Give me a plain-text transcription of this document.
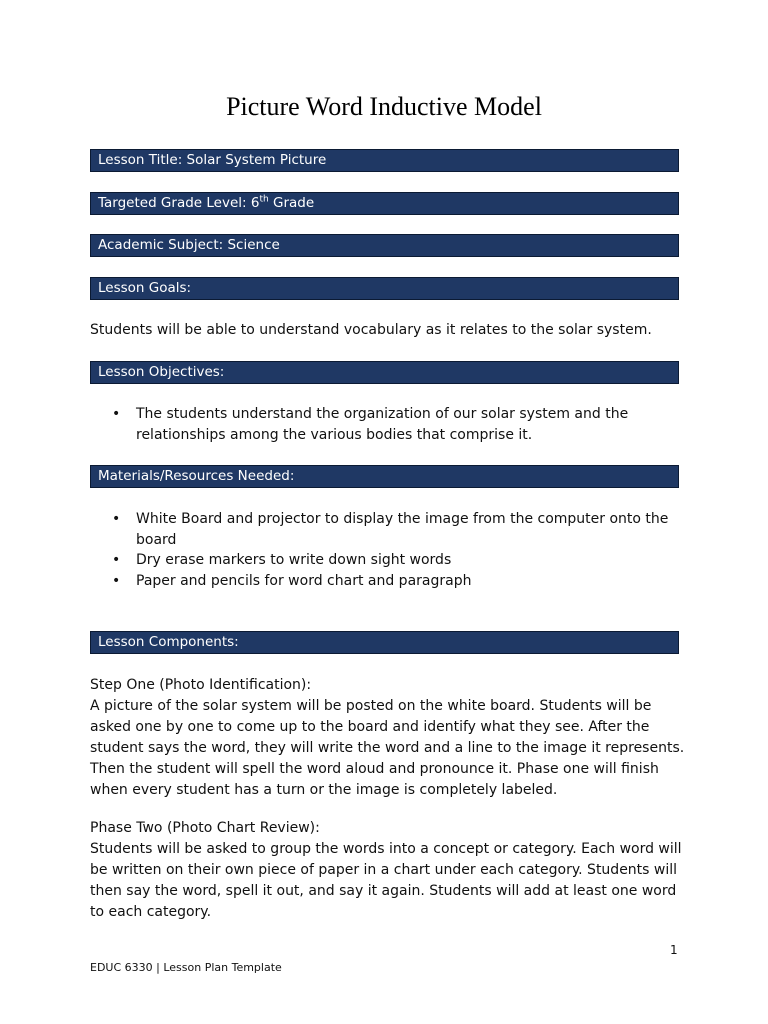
Picture Word Inductive Model
Lesson Title: Solar System Picture
Targeted Grade Level: 6th Grade
Academic Subject: Science
Lesson Goals:
Students will be able to understand vocabulary as it relates to the solar system.
Lesson Objectives:
• The students understand the organization of our solar system and the relationships among the various bodies that comprise it.
Materials/Resources Needed:
• White Board and projector to display the image from the computer onto the board
• Dry erase markers to write down sight words
• Paper and pencils for word chart and paragraph
Lesson Components:
Step One (Photo Identification):
A picture of the solar system will be posted on the white board. Students will be asked one by one to come up to the board and identify what they see. After the student says the word, they will write the word and a line to the image it represents. Then the student will spell the word aloud and pronounce it. Phase one will finish when every student has a turn or the image is completely labeled.
Phase Two (Photo Chart Review):
Students will be asked to group the words into a concept or category. Each word will be written on their own piece of paper in a chart under each category. Students will then say the word, spell it out, and say it again. Students will add at least one word to each category.
1
EDUC 6330 | Lesson Plan Template
